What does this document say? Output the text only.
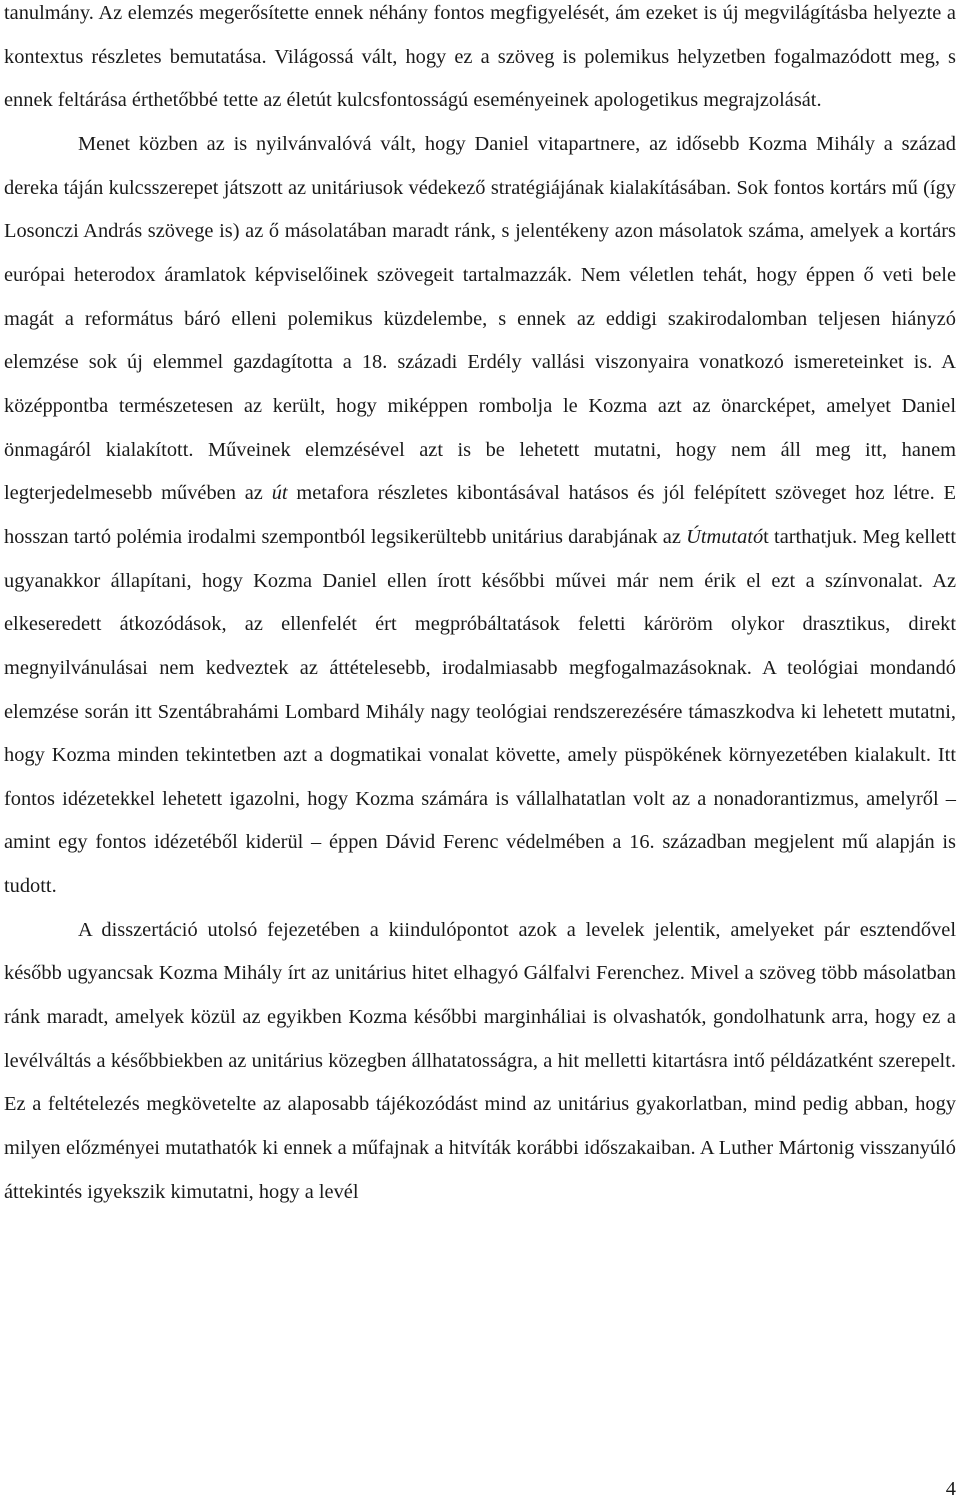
tanulmány. Az elemzés megerősítette ennek néhány fontos megfigyelését, ám ezeket is új megvilágításba helyezte a kontextus részletes bemutatása. Világossá vált, hogy ez a szöveg is polemikus helyzetben fogalmazódott meg, s ennek feltárása érthetőbbé tette az életút kulcsfontosságú eseményeinek apologetikus megrajzolását.

Menet közben az is nyilvánvalóvá vált, hogy Daniel vitapartnere, az idősebb Kozma Mihály a század dereka táján kulcsszerepet játszott az unitáriusok védekező stratégiájának kialakításában. Sok fontos kortárs mű (így Losonczi András szövege is) az ő másolatában maradt ránk, s jelentékeny azon másolatok száma, amelyek a kortárs európai heterodox áramlatok képviselőinek szövegeit tartalmazzák. Nem véletlen tehát, hogy éppen ő veti bele magát a református báró elleni polemikus küzdelembe, s ennek az eddigi szakirodalomban teljesen hiányzó elemzése sok új elemmel gazdagította a 18. századi Erdély vallási viszonyaira vonatkozó ismereteinket is. A középpontba természetesen az került, hogy miképpen rombolja le Kozma azt az önarcképet, amelyet Daniel önmagáról kialakított. Műveinek elemzésével azt is be lehetett mutatni, hogy nem áll meg itt, hanem legterjedelmesebb művében az út metafora részletes kibontásával hatásos és jól felépített szöveget hoz létre. E hosszan tartó polémia irodalmi szempontból legsikerültebb unitárius darabjának az Útmutatót tarthatjuk. Meg kellett ugyanakkor állapítani, hogy Kozma Daniel ellen írott későbbi művei már nem érik el ezt a színvonalat. Az elkeseredett átkozódások, az ellenfelét ért megpróbáltatások feletti káröröm olykor drasztikus, direkt megnyilvánulásai nem kedveztek az áttételesebb, irodalmiasabb megfogalmazásoknak. A teológiai mondandó elemzése során itt Szentábrahámi Lombard Mihály nagy teológiai rendszerezésére támaszkodva ki lehetett mutatni, hogy Kozma minden tekintetben azt a dogmatikai vonalat követte, amely püspökének környezetében kialakult. Itt fontos idézetekkel lehetett igazolni, hogy Kozma számára is vállalhatatlan volt az a nonadorantizmus, amelyről – amint egy fontos idézetéből kiderül – éppen Dávid Ferenc védelmében a 16. században megjelent mű alapján is tudott.

A disszertáció utolsó fejezetében a kiindulópontot azok a levelek jelentik, amelyeket pár esztendővel később ugyancsak Kozma Mihály írt az unitárius hitet elhagyó Gálfalvi Ferenchez. Mivel a szöveg több másolatban ránk maradt, amelyek közül az egyikben Kozma későbbi marginháliai is olvashatók, gondolhatunk arra, hogy ez a levélváltás a későbbiekben az unitárius közegben állhatatosságra, a hit melletti kitartásra intő példázatként szerepelt. Ez a feltételezés megkövetelte az alaposabb tájékozódást mind az unitárius gyakorlatban, mind pedig abban, hogy milyen előzményei mutathatók ki ennek a műfajnak a hitvíták korábbi időszakaiban. A Luther Mártonig visszanyúló áttekintés igyekszik kimutatni, hogy a levél

4
